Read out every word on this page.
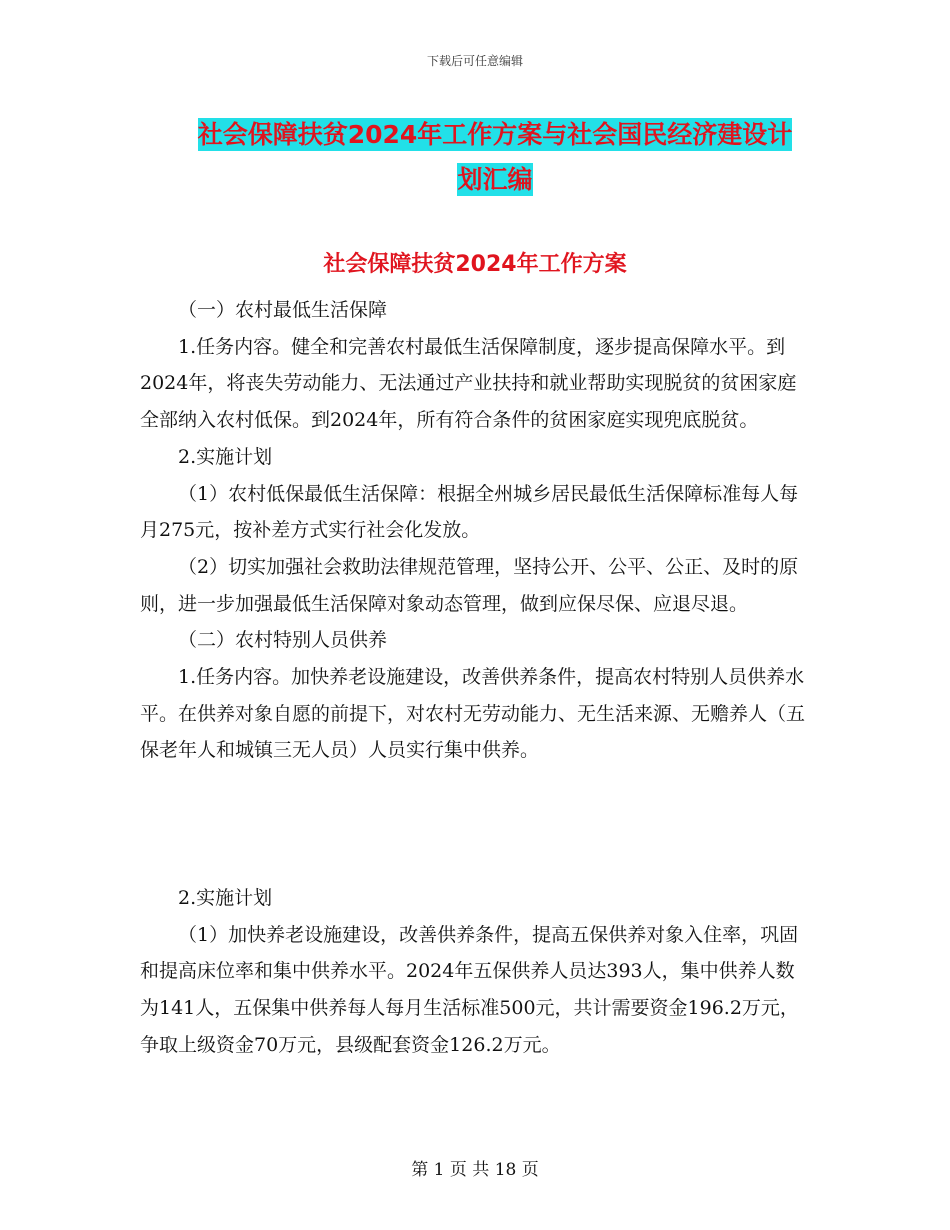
下载后可任意编辑
社会保障扶贫2024年工作方案与社会国民经济建设计
划汇编
社会保障扶贫2024年工作方案

（一）农村最低生活保障

1.任务内容。健全和完善农村最低生活保障制度，逐步提高保障水平。到2024年，将丧失劳动能力、无法通过产业扶持和就业帮助实现脱贫的贫困家庭全部纳入农村低保。到2024年，所有符合条件的贫困家庭实现兜底脱贫。

2.实施计划

（1）农村低保最低生活保障：根据全州城乡居民最低生活保障标准每人每月275元，按补差方式实行社会化发放。

（2）切实加强社会救助法律规范管理，坚持公开、公平、公正、及时的原则，进一步加强最低生活保障对象动态管理，做到应保尽保、应退尽退。

（二）农村特别人员供养

1.任务内容。加快养老设施建设，改善供养条件，提高农村特别人员供养水平。在供养对象自愿的前提下，对农村无劳动能力、无生活来源、无赡养人（五保老年人和城镇三无人员）人员实行集中供养。

2.实施计划

（1）加快养老设施建设，改善供养条件，提高五保供养对象入住率，巩固和提高床位率和集中供养水平。2024年五保供养人员达393人，集中供养人数为141人，五保集中供养每人每月生活标准500元，共计需要资金196.2万元，争取上级资金70万元，县级配套资金126.2万元。

第 1 页 共 18 页
